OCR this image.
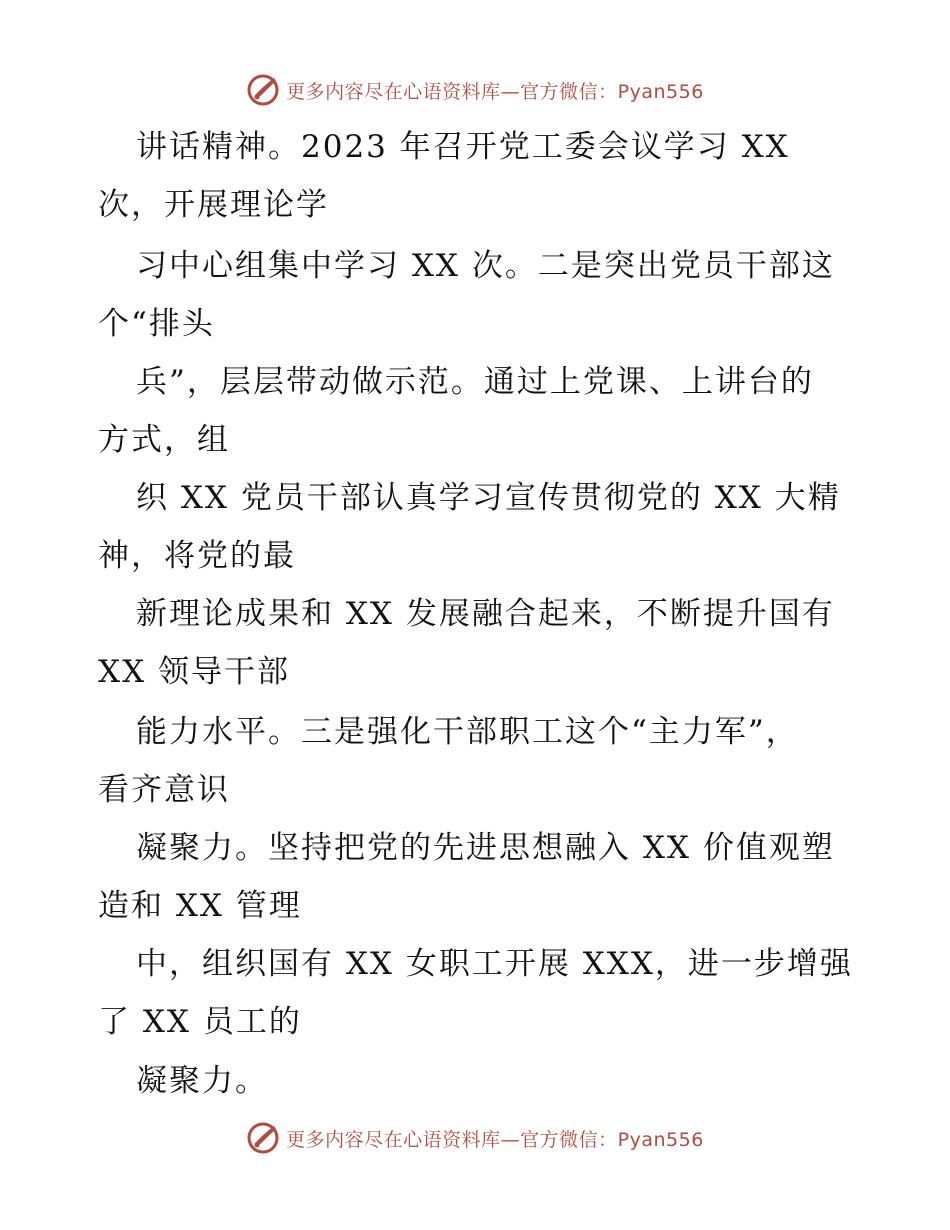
更多内容尽在心语资料库—官方微信：Pyan556
讲话精神。2023 年召开党工委会议学习 XX
次，开展理论学
习中心组集中学习 XX 次。二是突出党员干部这
个“排头
兵”，层层带动做示范。通过上党课、上讲台的
方式，组
织 XX 党员干部认真学习宣传贯彻党的 XX 大精
神，将党的最
新理论成果和 XX 发展融合起来，不断提升国有
XX 领导干部
能力水平。三是强化干部职工这个“主力军”，
看齐意识
凝聚力。坚持把党的先进思想融入 XX 价值观塑
造和 XX 管理
中，组织国有 XX 女职工开展 XXX，进一步增强
了 XX 员工的
凝聚力。
更多内容尽在心语资料库—官方微信：Pyan556
